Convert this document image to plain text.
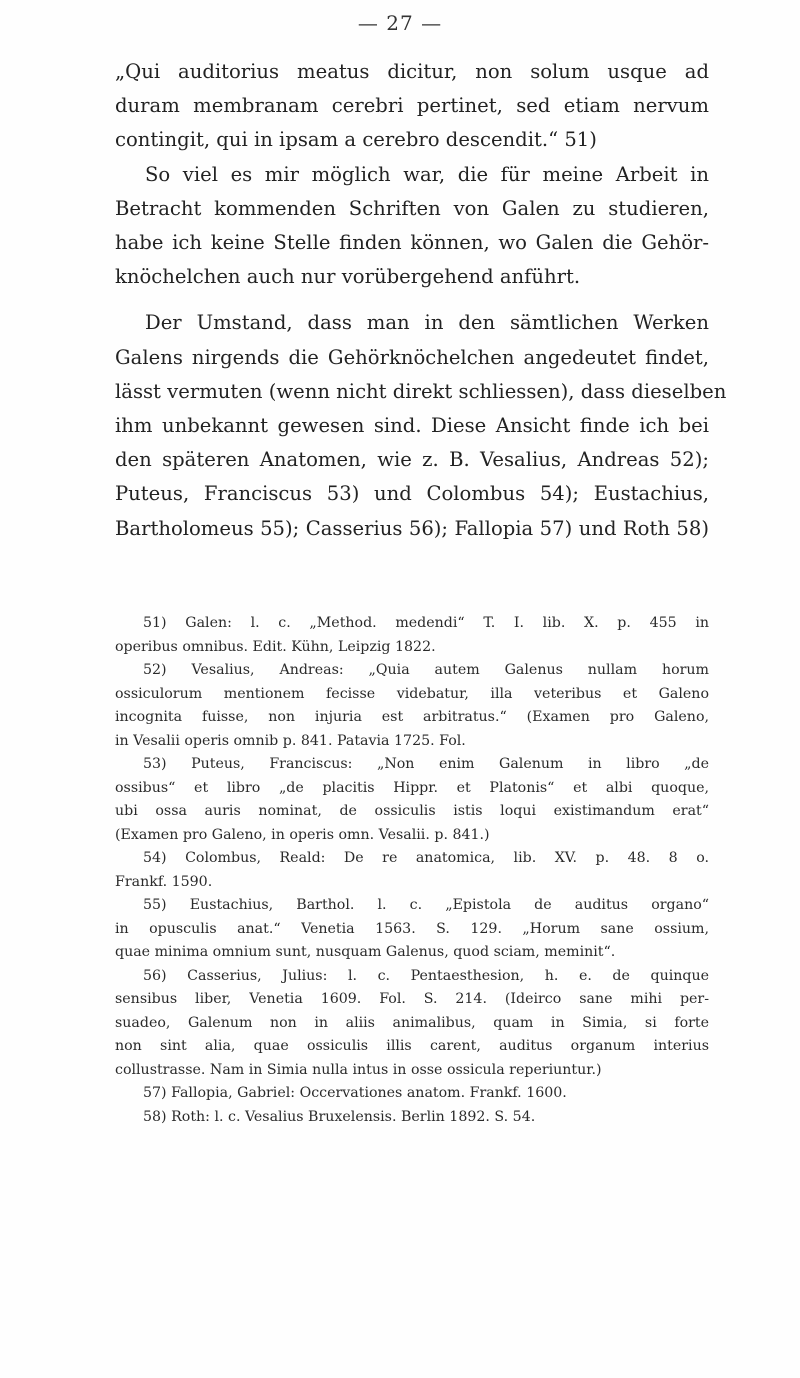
— 27 —
„Qui auditorius meatus dicitur, non solum usque ad
duram membranam cerebri pertinet, sed etiam nervum
contingit, qui in ipsam a cerebro descendit.“ 51)
So viel es mir möglich war, die für meine Arbeit in
Betracht kommenden Schriften von Galen zu studieren,
habe ich keine Stelle finden können, wo Galen die Gehör-
knöchelchen auch nur vorübergehend anführt.
Der Umstand, dass man in den sämtlichen Werken
Galens nirgends die Gehörknöchelchen angedeutet findet,
lässt vermuten (wenn nicht direkt schliessen), dass dieselben
ihm unbekannt gewesen sind. Diese Ansicht finde ich bei
den späteren Anatomen, wie z. B. Vesalius, Andreas 52);
Puteus, Franciscus 53) und Colombus 54); Eustachius,
Bartholomeus 55); Casserius 56); Fallopia 57) und Roth 58)
51) Galen: l. c. „Method. medendi“ T. I. lib. X. p. 455 in
operibus omnibus. Edit. Kühn, Leipzig 1822.
52) Vesalius, Andreas: „Quia autem Galenus nullam horum
ossiculorum mentionem fecisse videbatur, illa veteribus et Galeno
incognita fuisse, non injuria est arbitratus.“ (Examen pro Galeno,
in Vesalii operis omnib p. 841. Patavia 1725. Fol.
53) Puteus, Franciscus: „Non enim Galenum in libro „de
ossibus“ et libro „de placitis Hippr. et Platonis“ et albi quoque,
ubi ossa auris nominat, de ossiculis istis loqui existimandum erat“
(Examen pro Galeno, in operis omn. Vesalii. p. 841.)
54) Colombus, Reald: De re anatomica, lib. XV. p. 48. 8 o.
Frankf. 1590.
55) Eustachius, Barthol. l. c. „Epistola de auditus organo“
in opusculis anat.“ Venetia 1563. S. 129. „Horum sane ossium,
quae minima omnium sunt, nusquam Galenus, quod sciam, meminit“.
56) Casserius, Julius: l. c. Pentaesthesion, h. e. de quinque
sensibus liber, Venetia 1609. Fol. S. 214. (Ideirco sane mihi per-
suadeo, Galenum non in aliis animalibus, quam in Simia, si forte
non sint alia, quae ossiculis illis carent, auditus organum interius
collustrasse. Nam in Simia nulla intus in osse ossicula reperiuntur.)
57) Fallopia, Gabriel: Occervationes anatom. Frankf. 1600.
58) Roth: l. c. Vesalius Bruxelensis. Berlin 1892. S. 54.
